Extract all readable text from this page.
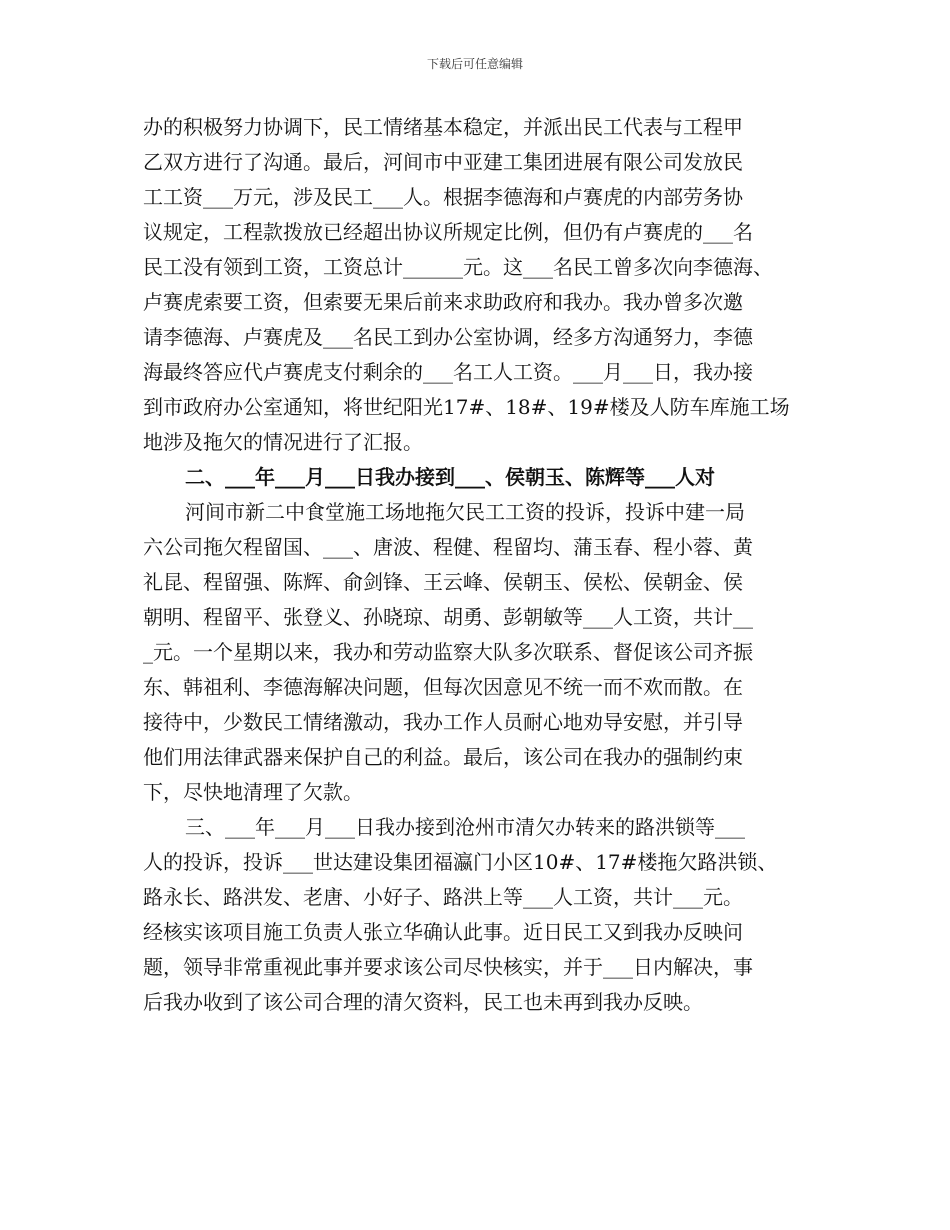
下载后可任意编辑
办的积极努力协调下，民工情绪基本稳定，并派出民工代表与工程甲
乙双方进行了沟通。最后，河间市中亚建工集团进展有限公司发放民
工工资___万元，涉及民工___人。根据李德海和卢赛虎的内部劳务协
议规定，工程款拨放已经超出协议所规定比例，但仍有卢赛虎的___名
民工没有领到工资，工资总计______元。这___名民工曾多次向李德海、
卢赛虎索要工资，但索要无果后前来求助政府和我办。我办曾多次邀
请李德海、卢赛虎及___名民工到办公室协调，经多方沟通努力，李德
海最终答应代卢赛虎支付剩余的___名工人工资。___月___日，我办接
到市政府办公室通知，将世纪阳光17#、18#、19#楼及人防车库施工场
地涉及拖欠的情况进行了汇报。
二、___年___月___日我办接到___、侯朝玉、陈辉等___人对
河间市新二中食堂施工场地拖欠民工工资的投诉，投诉中建一局
六公司拖欠程留国、___、唐波、程健、程留均、蒲玉春、程小蓉、黄
礼昆、程留强、陈辉、俞剑锋、王云峰、侯朝玉、侯松、侯朝金、侯
朝明、程留平、张登义、孙晓琼、胡勇、彭朝敏等___人工资，共计__
_元。一个星期以来，我办和劳动监察大队多次联系、督促该公司齐振
东、韩祖利、李德海解决问题，但每次因意见不统一而不欢而散。在
接待中，少数民工情绪激动，我办工作人员耐心地劝导安慰，并引导
他们用法律武器来保护自己的利益。最后，该公司在我办的强制约束
下，尽快地清理了欠款。
三、___年___月___日我办接到沧州市清欠办转来的路洪锁等___
人的投诉，投诉___世达建设集团福瀛门小区10#、17#楼拖欠路洪锁、
路永长、路洪发、老唐、小好子、路洪上等___人工资，共计___元。
经核实该项目施工负责人张立华确认此事。近日民工又到我办反映问
题，领导非常重视此事并要求该公司尽快核实，并于___日内解决，事
后我办收到了该公司合理的清欠资料，民工也未再到我办反映。
